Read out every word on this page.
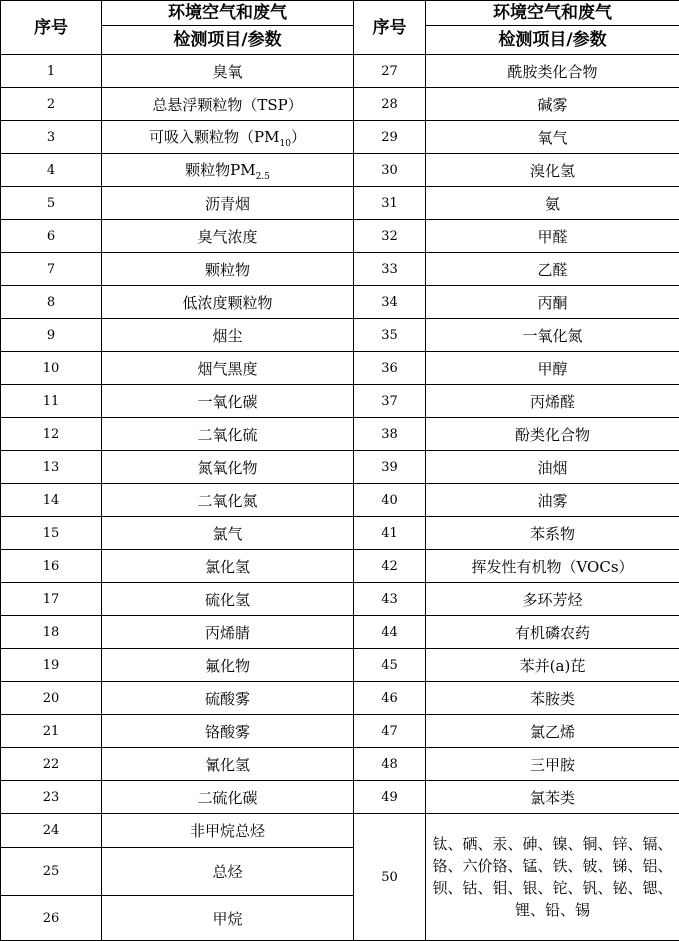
序号	环境空气和废气	序号	环境空气和废气
	检测项目/参数		检测项目/参数
1	臭氧	27	酰胺类化合物
2	总悬浮颗粒物（TSP）	28	碱雾
3	可吸入颗粒物$(PM_{10})$	29	氧气
4	颗粒物$PM_{2.5}$	30	溴化氢
5	沥青烟	31	氨
6	臭气浓度	32	甲醛
7	颗粒物	33	乙醛
8	低浓度颗粒物	34	丙酮
9	烟尘	35	一氧化氮
10	烟气黑度	36	甲醇
11	一氧化碳	37	丙烯醛
12	二氧化硫	38	酚类化合物
13	氮氧化物	39	油烟
14	二氧化氮	40	油雾
15	氯气	41	苯系物
16	氯化氢	42	挥发性有机物（VOCs）
17	硫化氢	43	多环芳烃
18	丙烯腈	44	有机磷农药
19	氟化物	45	苯并(a)芘
20	硫酸雾	46	苯胺类
21	铬酸雾	47	氯乙烯
22	氰化氢	48	三甲胺
23	二硫化碳	49	氯苯类
24	非甲烷总烃	50	钛、硒、汞、砷、镍、铜、锌、镉、铬、六价铬、锰、铁、铍、锑、铝、钡、钴、钼、银、铊、钒、铋、锶、锂、铅、锡
25	总烃		
26	甲烷		
